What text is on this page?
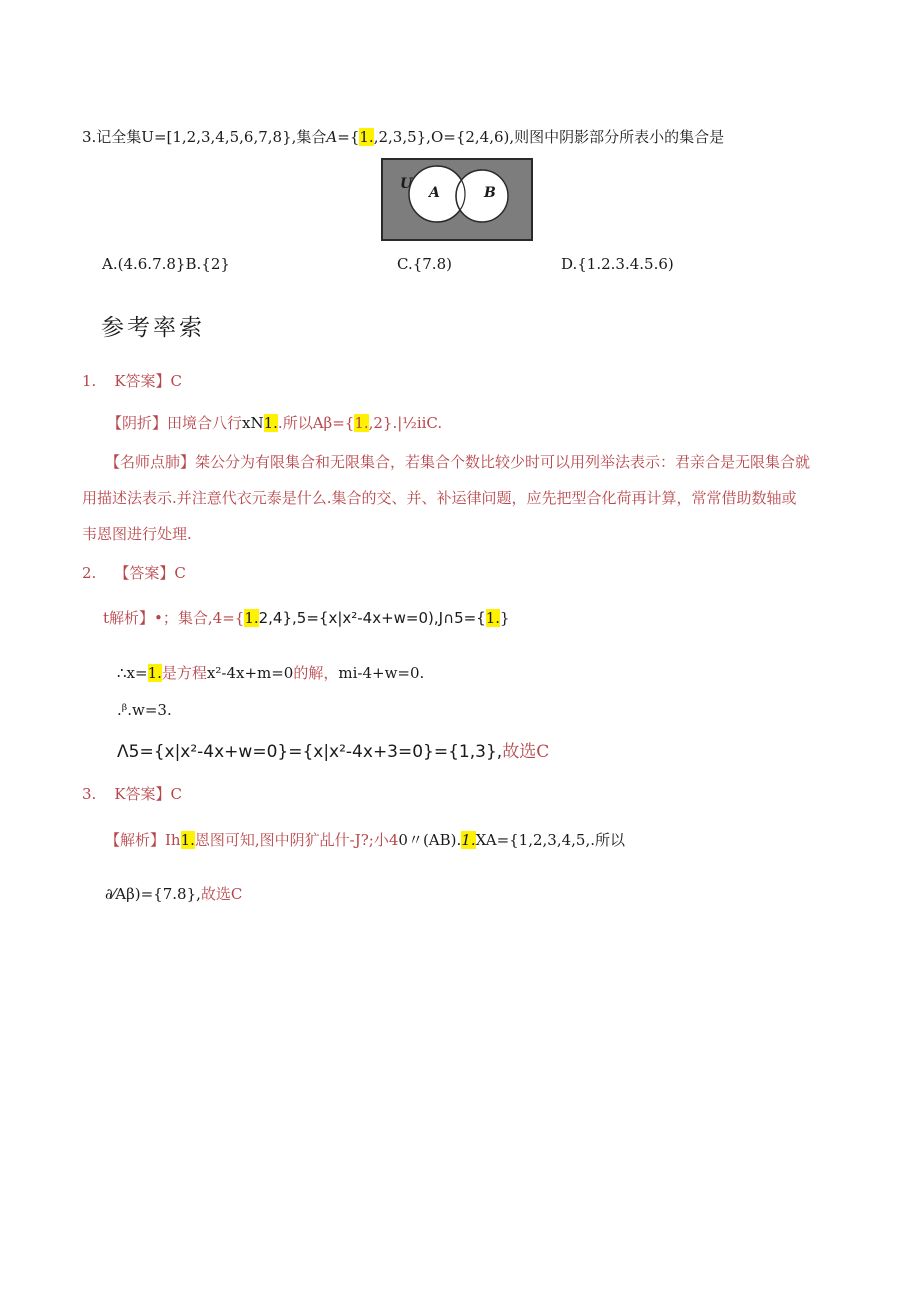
3.记全集U=[1,2,3,4,5,6,7,8},集合A={1.,2,3,5},O={2,4,6),则图中阴影部分所表小的集合是
U
A	B
A.(4.6.7.8}B.{2}	C.{7.8)	D.{1.2.3.4.5.6)
参考率索
1. K答案】C
【阴折】田境合八行xN1..所以Aβ={1.,2}.|½iiC.
【名师点肺】桀公分为有限集合和无限集合，若集合个数比较少时可以用列举法表示：君亲合是无限集合就
用描述法表示.并注意代衣元泰是什么.集合的交、并、补运律问题，应先把型合化荷再计算，常常借助数轴或
韦恩图进行处理.
2. 【答案】C
t解析】•；集合,4={1.2,4},5={x|x²-4x+w=0),J∩5={1.}
∴x=1.是方程x²-4x+m=0的解，mi-4+w=0.
.ᵝ.w=3.
Λ5={x|x²-4x+w=0}={x|x²-4x+3=0}={1,3},故选C
3. K答案】C
【解析】Ih1.恩图可知,图中阴犷乩什-J?;小40〃(AB).1.XA={1,2,3,4,5,.所以
∂⁄Aβ)={7.8},故选C
